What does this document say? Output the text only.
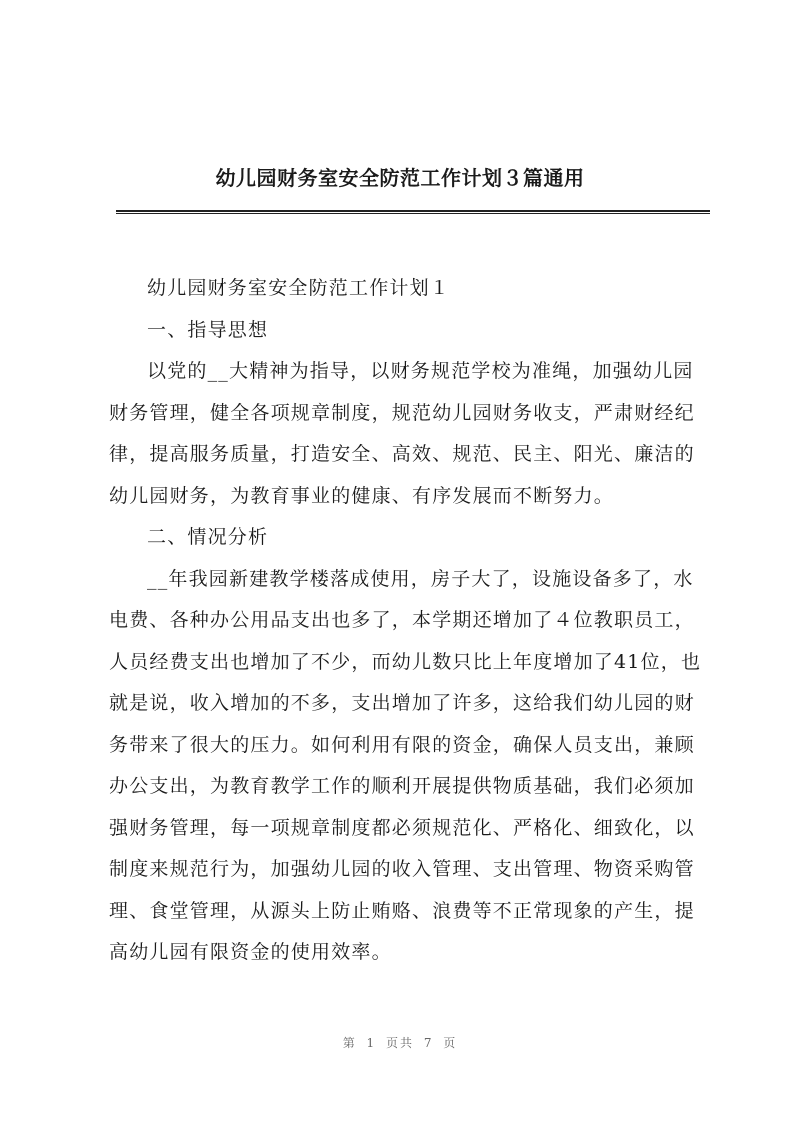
幼儿园财务室安全防范工作计划３篇通用

幼儿园财务室安全防范工作计划１

一、指导思想

以党的__大精神为指导，以财务规范学校为准绳，加强幼儿园财务管理，健全各项规章制度，规范幼儿园财务收支，严肃财经纪律，提高服务质量，打造安全、高效、规范、民主、阳光、廉洁的幼儿园财务，为教育事业的健康、有序发展而不断努力。

二、情况分析

__年我园新建教学楼落成使用，房子大了，设施设备多了，水电费、各种办公用品支出也多了，本学期还增加了４位教职员工，人员经费支出也增加了不少，而幼儿数只比上年度增加了41位，也就是说，收入增加的不多，支出增加了许多，这给我们幼儿园的财务带来了很大的压力。如何利用有限的资金，确保人员支出，兼顾办公支出，为教育教学工作的顺利开展提供物质基础，我们必须加强财务管理，每一项规章制度都必须规范化、严格化、细致化，以制度来规范行为，加强幼儿园的收入管理、支出管理、物资采购管理、食堂管理，从源头上防止贿赂、浪费等不正常现象的产生，提高幼儿园有限资金的使用效率。

第 1 页共 7 页
